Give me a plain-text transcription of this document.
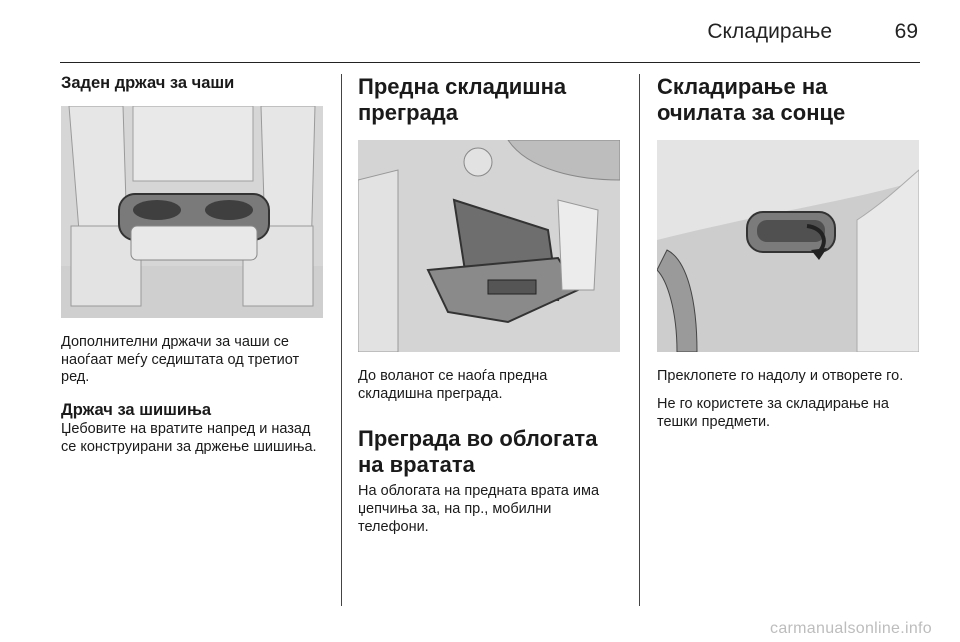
Складирање	69
Заден држач за чаши
Дополнителни држачи за чаши се наоѓаат меѓу седиштата од третиот ред.
Држач за шишиња
Џебовите на вратите напред и назад се конструирани за држење шишиња.
Предна складишна преграда
До воланот се наоѓа предна складишна преграда.
Преграда во облогата на вратата
На облогата на предната врата има џепчиња за, на пр., мобилни телефони.
Складирање на очилата за сонце
Преклопете го надолу и отворете го.
Не го користете за складирање на тешки предмети.
carmanualsonline.info
